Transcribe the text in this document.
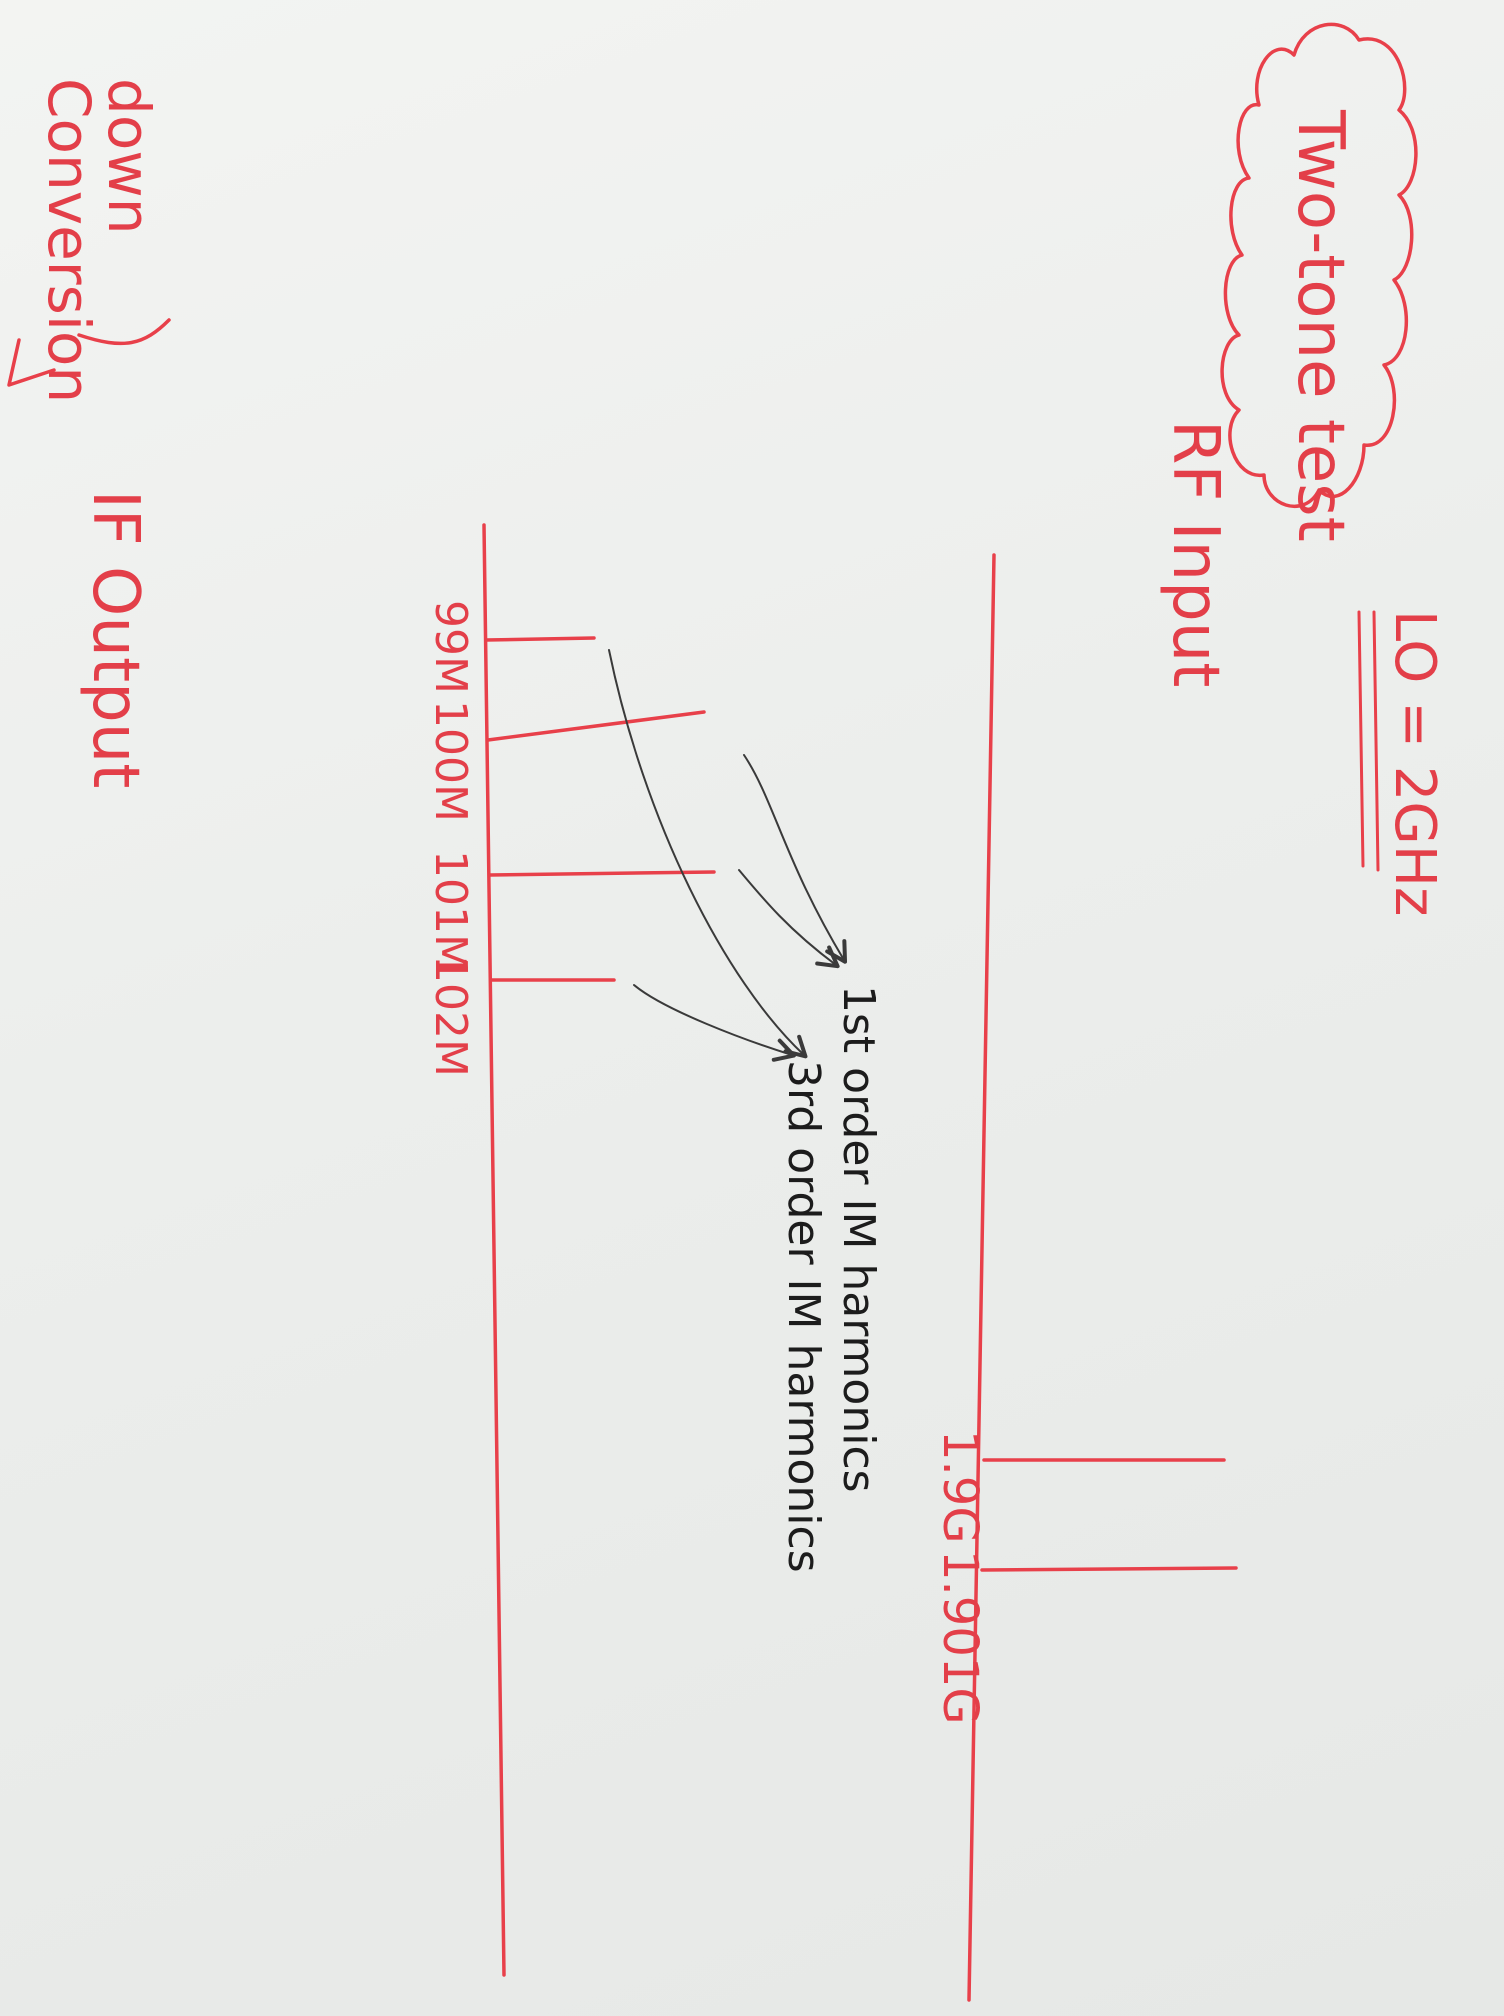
Two-tone test
LO = 2GHz
RF Input
down
Conversion
IF Output
1.9G
1.901G
99M
100M
101M
102M	1st order IM harmonics
3rd order IM harmonics
